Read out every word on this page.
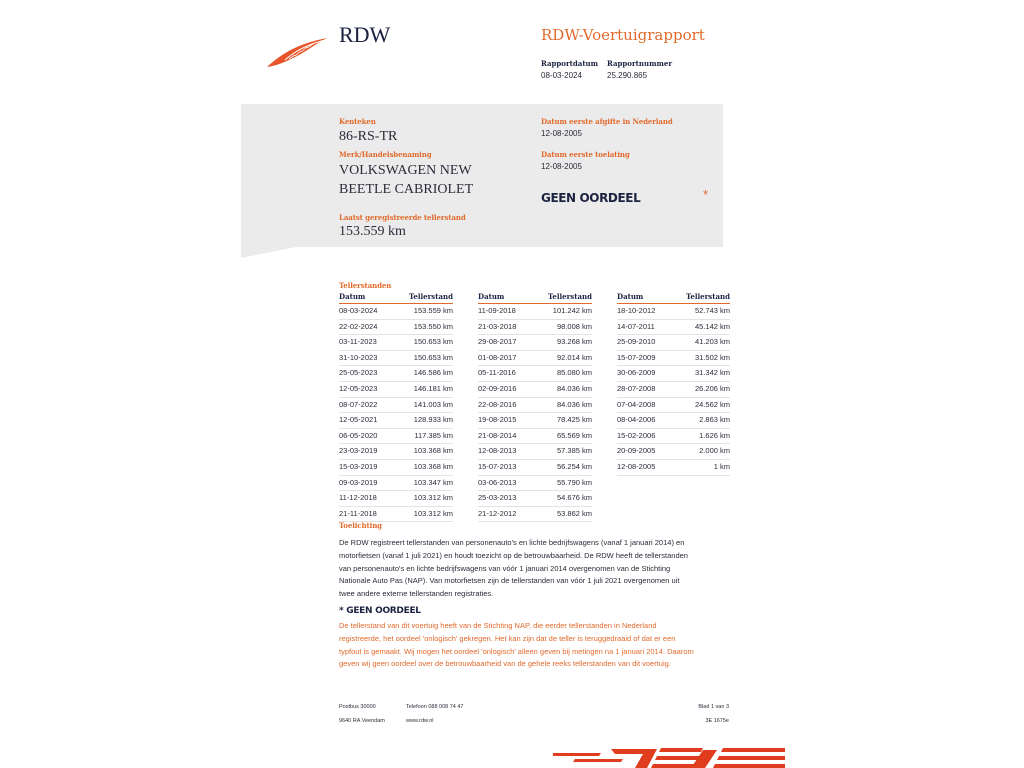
RDW	RDW-Voertuigrapport
Rapportdatum
08-03-2024
Rapportnummer
25.290.865
Kenteken
86-RS-TR
Merk/Handelsbenaming
VOLKSWAGEN NEW
BEETLE CABRIOLET
Laatst geregistreerde tellerstand
153.559 km
Datum eerste afgifte in Nederland
12-08-2005
Datum eerste toelating
12-08-2005
GEEN OORDEEL	*
Tellerstanden
Datum	Tellerstand
08-03-2024	153.559 km
22-02-2024	153.550 km
03-11-2023	150.653 km
31-10-2023	150.653 km
25-05-2023	146.586 km
12-05-2023	146.181 km
08-07-2022	141.003 km
12-05-2021	128.933 km
06-05-2020	117.385 km
23-03-2019	103.368 km
15-03-2019	103.368 km
09-03-2019	103.347 km
11-12-2018	103.312 km
21-11-2018	103.312 km
Datum	Tellerstand
11-09-2018	101.242 km
21-03-2018	98.008 km
29-08-2017	93.268 km
01-08-2017	92.014 km
05-11-2016	85.080 km
02-09-2016	84.036 km
22-08-2016	84.036 km
19-08-2015	78.425 km
21-08-2014	65.569 km
12-08-2013	57.385 km
15-07-2013	56.254 km
03-06-2013	55.790 km
25-03-2013	54.676 km
21-12-2012	53.862 km
Datum	Tellerstand
18-10-2012	52.743 km
14-07-2011	45.142 km
25-09-2010	41.203 km
15-07-2009	31.502 km
30-06-2009	31.342 km
28-07-2008	26.206 km
07-04-2008	24.562 km
08-04-2006	2.863 km
15-02-2006	1.626 km
20-09-2005	2.000 km
12-08-2005	1 km
Toelichting
De RDW registreert tellerstanden van personenauto's en lichte bedrijfswagens (vanaf 1 januari 2014) en
motorfietsen (vanaf 1 juli 2021) en houdt toezicht op de betrouwbaarheid. De RDW heeft de tellerstanden
van personenauto's en lichte bedrijfswagens van vóór 1 januari 2014 overgenomen van de Stichting
Nationale Auto Pas (NAP). Van motorfietsen zijn de tellerstanden van vóór 1 juli 2021 overgenomen uit
twee andere externe tellerstanden registraties.
* GEEN OORDEEL
De tellerstand van dit voertuig heeft van de Stichting NAP, die eerder tellerstanden in Nederland
registreerde, het oordeel 'onlogisch' gekregen. Het kan zijn dat de teller is teruggedraaid of dat er een
typfout is gemaakt. Wij mogen het oordeel 'onlogisch' alleen geven bij metingen na 1 januari 2014. Daarom
geven wij geen oordeel over de betrouwbaarheid van de gehele reeks tellerstanden van dit voertuig.
Postbus 30000
9640 RA Veendam
Telefoon 088 008 74 47
www.rdw.nl
Blad 1 van 3
3E 1675e
